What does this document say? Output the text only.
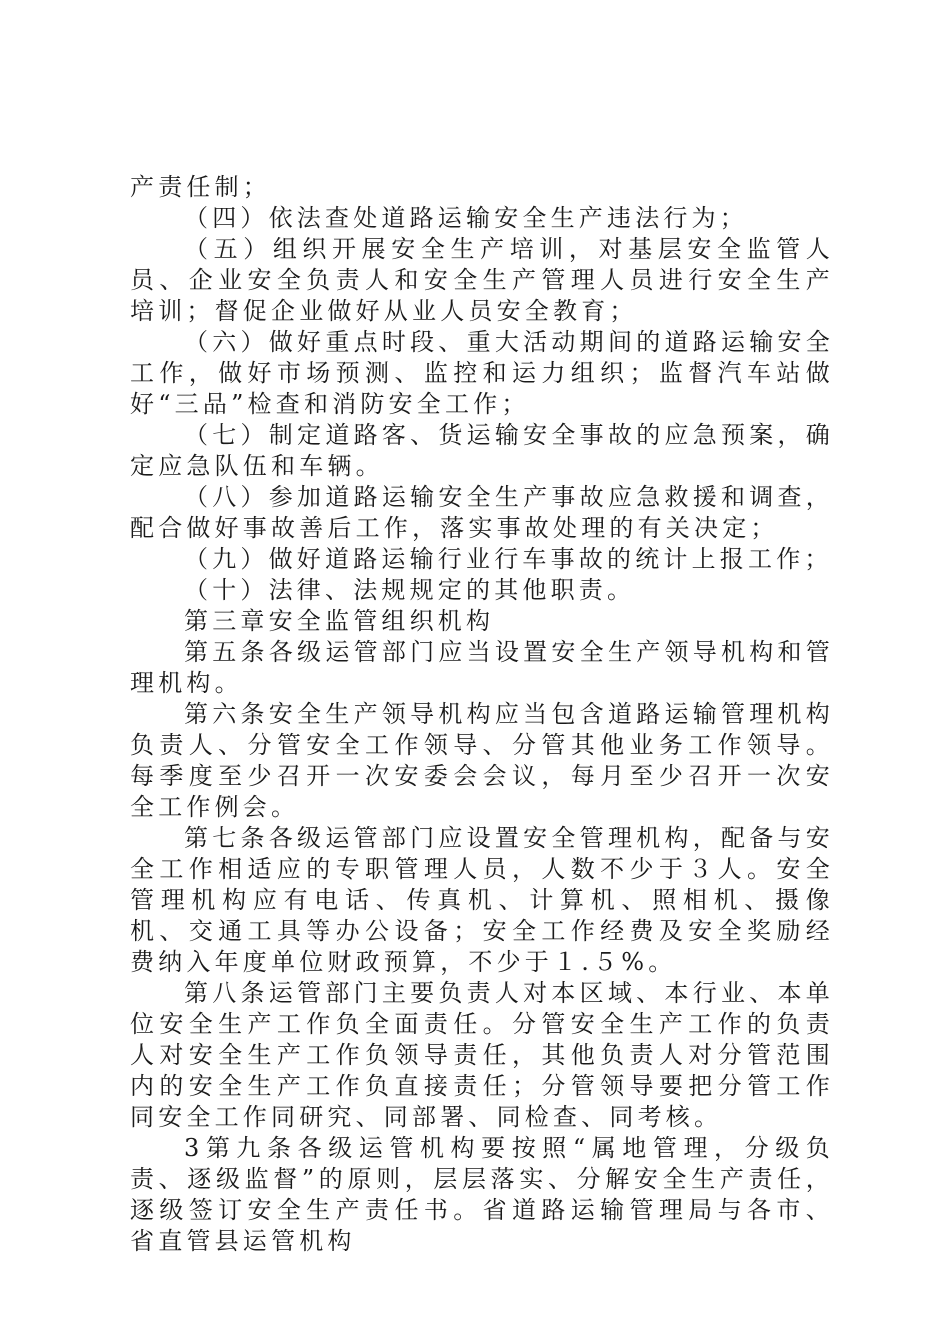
产责任制；

（四）依法查处道路运输安全生产违法行为；

（五）组织开展安全生产培训，对基层安全监管人员、企业安全负责人和安全生产管理人员进行安全生产培训；督促企业做好从业人员安全教育；

（六）做好重点时段、重大活动期间的道路运输安全工作，做好市场预测、监控和运力组织；监督汽车站做好“三品”检查和消防安全工作；

（七）制定道路客、货运输安全事故的应急预案，确定应急队伍和车辆。

（八）参加道路运输安全生产事故应急救援和调查，配合做好事故善后工作，落实事故处理的有关决定；

（九）做好道路运输行业行车事故的统计上报工作；

（十）法律、法规规定的其他职责。

第三章安全监管组织机构

第五条各级运管部门应当设置安全生产领导机构和管理机构。

第六条安全生产领导机构应当包含道路运输管理机构负责人、分管安全工作领导、分管其他业务工作领导。每季度至少召开一次安委会会议，每月至少召开一次安全工作例会。

第七条各级运管部门应设置安全管理机构，配备与安全工作相适应的专职管理人员，人数不少于３人。安全管理机构应有电话、传真机、计算机、照相机、摄像机、交通工具等办公设备；安全工作经费及安全奖励经费纳入年度单位财政预算，不少于１.５%。

第八条运管部门主要负责人对本区域、本行业、本单位安全生产工作负全面责任。分管安全生产工作的负责人对安全生产工作负领导责任，其他负责人对分管范围内的安全生产工作负直接责任；分管领导要把分管工作同安全工作同研究、同部署、同检查、同考核。

3第九条各级运管机构要按照“属地管理，分级负责、逐级监督”的原则，层层落实、分解安全生产责任，逐级签订安全生产责任书。省道路运输管理局与各市、省直管县运管机构
